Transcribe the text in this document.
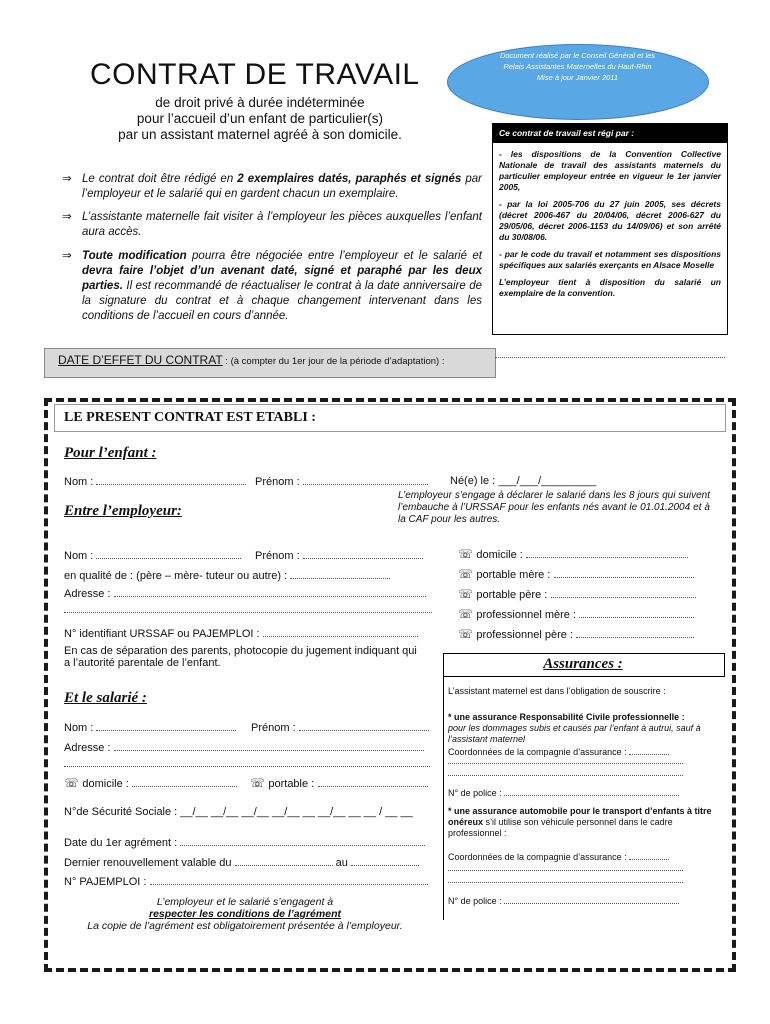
Document réalisé par le Conseil Général et les
Relais Assistantes Maternelles du Haut-Rhin
Mise à jour Janvier 2011
CONTRAT DE TRAVAIL
de droit privé à durée indéterminée
pour l’accueil d’un enfant de particulier(s)
par un assistant maternel agréé à son domicile.
⇒ Le contrat doit être rédigé en 2 exemplaires datés, paraphés et signés par l’employeur et le salarié qui en gardent chacun un exemplaire.
⇒ L’assistante maternelle fait visiter à l’employeur les pièces auxquelles l’enfant aura accès.
⇒ Toute modification pourra être négociée entre l’employeur et le salarié et devra faire l’objet d’un avenant daté, signé et paraphé par les deux parties. Il est recommandé de réactualiser le contrat à la date anniversaire de la signature du contrat et à chaque changement intervenant dans les conditions de l’accueil en cours d’année.
Ce contrat de travail est régi par :

- les dispositions de la Convention Collective Nationale de travail des assistants maternels du particulier employeur entrée en vigueur le 1er janvier 2005,

- par la loi 2005-706 du 27 juin 2005, ses décrets (décret 2006-467 du 20/04/06, décret 2006-627 du 29/05/06, décret 2006-1153 du 14/09/06) et son arrêté du 30/08/06.

- par le code du travail et notamment ses dispositions spécifiques aux salariés exerçants en Alsace Moselle

L’employeur tient à disposition du salarié un exemplaire de la convention.

DATE D’EFFET DU CONTRAT : (à compter du 1er jour de la période d’adaptation) :
LE PRESENT CONTRAT EST ETABLI :
Pour l’enfant :
Nom :	Prénom :	Né(e) le : ___/___/_________
Entre l’employeur:
L’employeur s’engage à déclarer le salarié dans les 8 jours qui suivent l’embauche à l’URSSAF pour les enfants nés avant le 01.01.2004 et à la CAF pour les autres.
Nom :	Prénom :
en qualité de : (père – mère- tuteur ou autre) :
Adresse :
N° identifiant URSSAF ou PAJEMPLOI :
En cas de séparation des parents, photocopie du jugement indiquant qui a l’autorité parentale de l’enfant.
☏ domicile :
☏ portable mère :
☏ portable père :
☏ professionnel mère :
☏ professionnel père :
Et le salarié :
Nom :	Prénom :
Adresse :
☏ domicile :	☏ portable :
N°de Sécurité Sociale : __/__ __/__ __/__ __/__ __ __/__ __ __ / __ __
Date du 1er agrément :
Dernier renouvellement valable du	au
N° PAJEMPLOI :
L’employeur et le salarié s’engagent à
respecter les conditions de l’agrément
La copie de l’agrément est obligatoirement présentée à l’employeur.
Assurances :
L’assistant maternel est dans l’obligation de souscrire :
* une assurance Responsabilité Civile professionnelle :
pour les dommages subis et causés par l’enfant à autrui, sauf à l’assistant maternel
Coordonnées de la compagnie d’assurance :
N° de police :
* une assurance automobile pour le transport d’enfants à titre onéreux s’il utilise son véhicule personnel dans le cadre professionnel :
Coordonnées de la compagnie d’assurance :
N° de police :
